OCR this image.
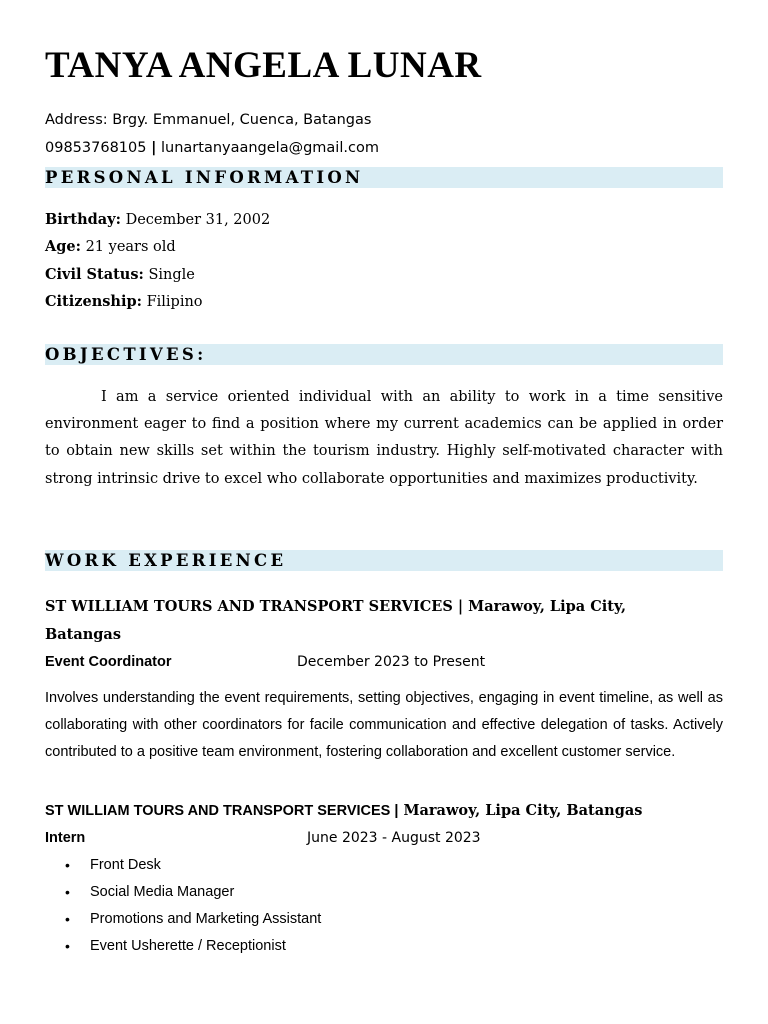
TANYA ANGELA LUNAR
Address: Brgy. Emmanuel, Cuenca, Batangas
09853768105 | lunartanyaangela@gmail.com
PERSONAL INFORMATION
Birthday: December 31, 2002
Age: 21 years old
Civil Status: Single
Citizenship: Filipino
OBJECTIVES:

I am a service oriented individual with an ability to work in a time sensitive environment eager to find a position where my current academics can be applied in order to obtain new skills set within the tourism industry. Highly self-motivated character with strong intrinsic drive to excel who collaborate opportunities and maximizes productivity.

WORK EXPERIENCE
ST WILLIAM TOURS AND TRANSPORT SERVICES | Marawoy, Lipa City, Batangas
Event Coordinator	December 2023 to Present

Involves understanding the event requirements, setting objectives, engaging in event timeline, as well as collaborating with other coordinators for facile communication and effective delegation of tasks. Actively contributed to a positive team environment, fostering collaboration and excellent customer service.

ST WILLIAM TOURS AND TRANSPORT SERVICES | Marawoy, Lipa City, Batangas
Intern	June 2023 - August 2023
• Front Desk
• Social Media Manager
• Promotions and Marketing Assistant
• Event Usherette / Receptionist
